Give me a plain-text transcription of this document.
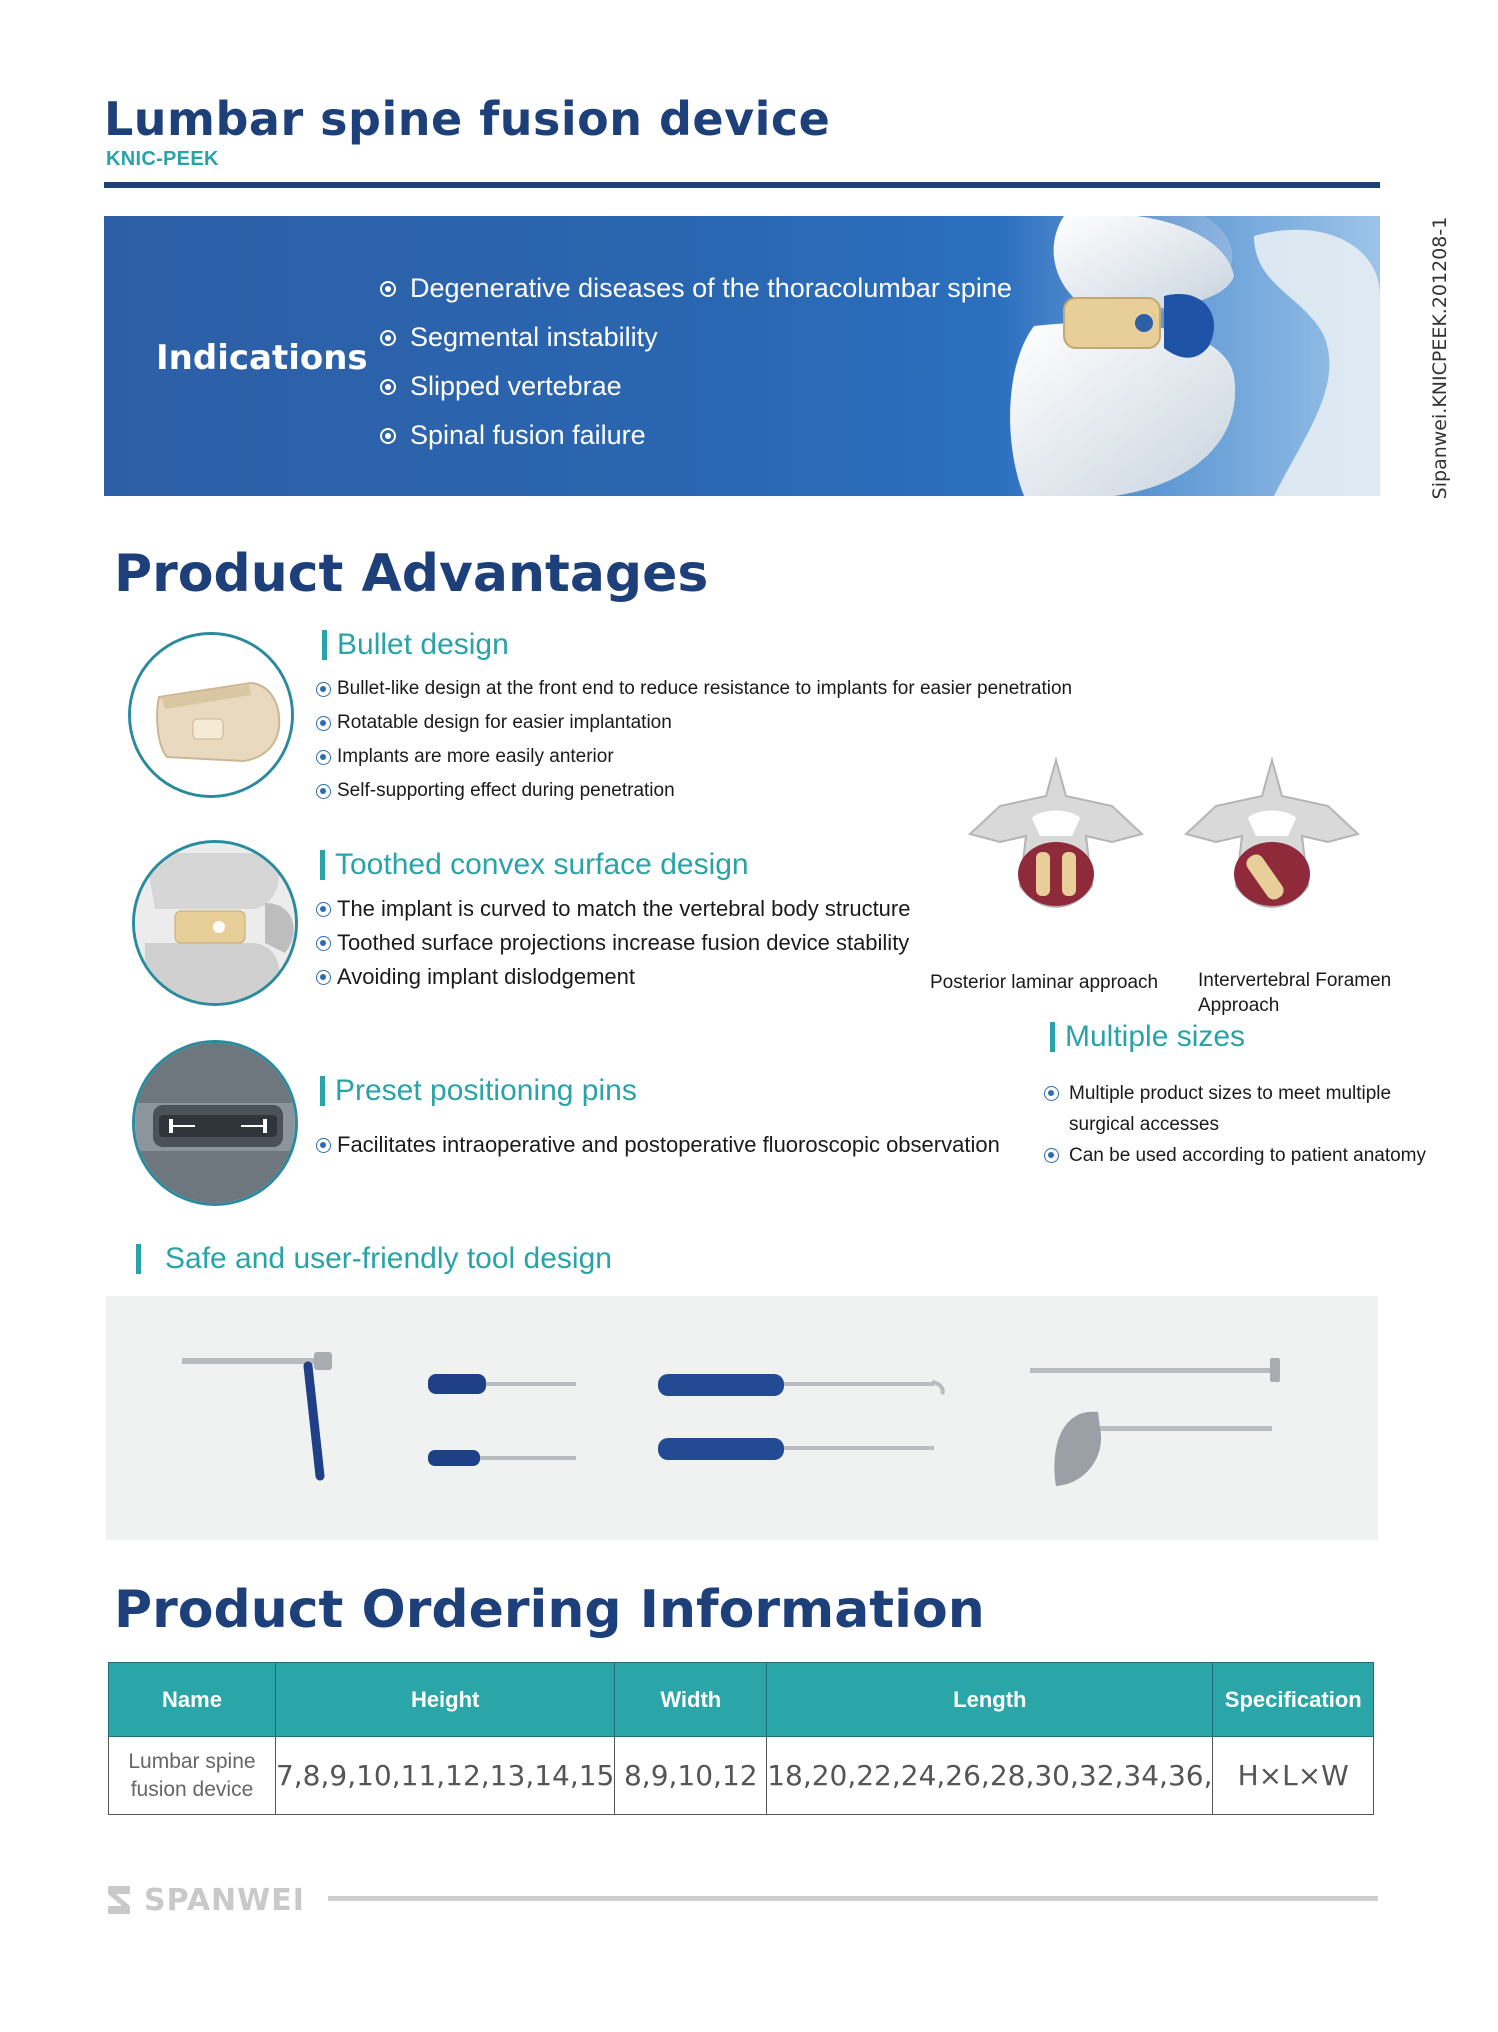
Lumbar spine fusion device
KNIC-PEEK
Sipanwei.KNICPEEK.201208-1
Indications
Degenerative diseases of the thoracolumbar spine
Segmental instability
Slipped vertebrae
Spinal fusion failure
Product Advantages
Bullet design
Bullet-like design at the front end to reduce resistance to implants for easier penetration
Rotatable design for easier implantation
Implants are more easily anterior
Self-supporting effect during penetration
Toothed convex surface design
The implant is curved to match the vertebral body structure
Toothed surface projections increase fusion device stability
Avoiding implant dislodgement	Posterior laminar approach Intervertebral Foramen Approach
Multiple sizes
Multiple product sizes to meet multiple surgical accesses
Can be used according to patient anatomy
Preset positioning pins
Facilitates intraoperative and postoperative fluoroscopic observation
Safe and user-friendly tool design
Product Ordering Information
Name	Height	Width	Length	Specification
Lumbar spine fusion device	7,8,9,10,11,12,13,14,15	8,9,10,12	18,20,22,24,26,28,30,32,34,36,	H×L×W
SPANWEI
